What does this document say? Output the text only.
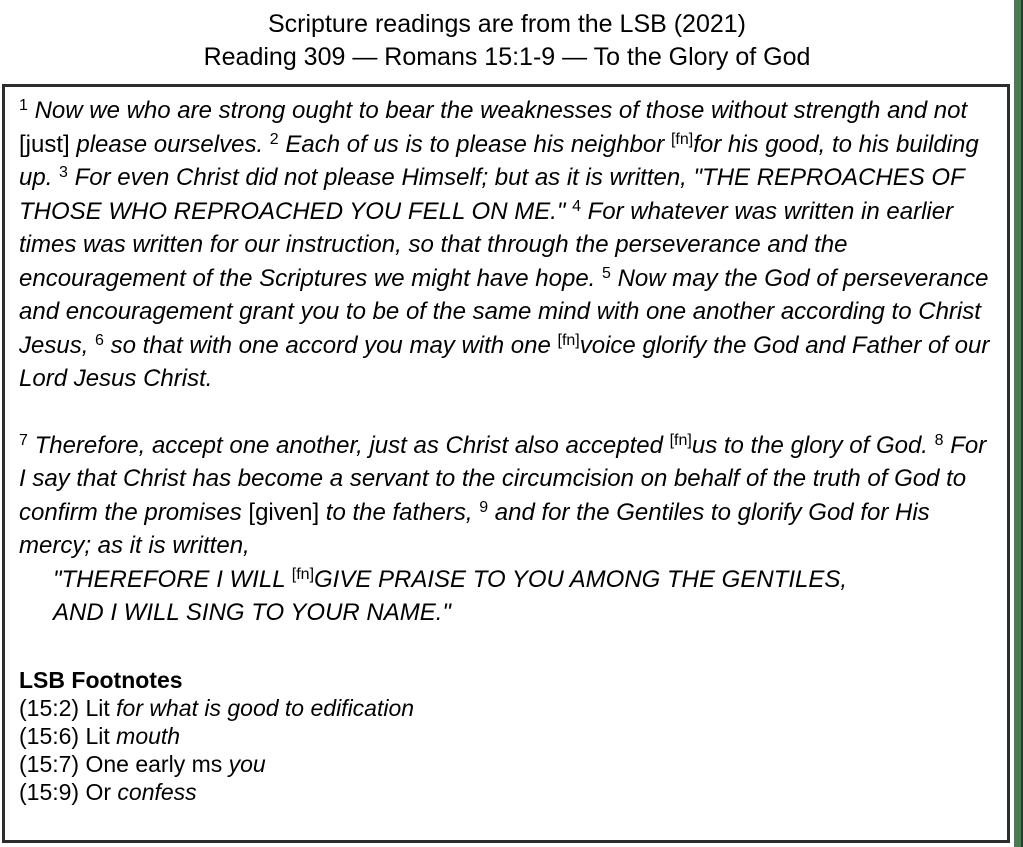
Scripture readings are from the LSB (2021)
Reading 309 — Romans 15:1-9 — To the Glory of God
$^1$ Now we who are strong ought to bear the weaknesses of those without strength and not [just] please ourselves. $^2$ Each of us is to please his neighbor [fn]for his good, to his building up. $^3$ For even Christ did not please Himself; but as it is written, "THE REPROACHES OF THOSE WHO REPROACHED YOU FELL ON ME." $^4$ For whatever was written in earlier times was written for our instruction, so that through the perseverance and the encouragement of the Scriptures we might have hope. $^5$ Now may the God of perseverance and encouragement grant you to be of the same mind with one another according to Christ Jesus, $^6$ so that with one accord you may with one [fn]voice glorify the God and Father of our Lord Jesus Christ.
$^7$ Therefore, accept one another, just as Christ also accepted [fn]us to the glory of God. $^8$ For I say that Christ has become a servant to the circumcision on behalf of the truth of God to confirm the promises [given] to the fathers, $^9$ and for the Gentiles to glorify God for His mercy; as it is written,
"THEREFORE I WILL [fn]GIVE PRAISE TO YOU AMONG THE GENTILES,
AND I WILL SING TO YOUR NAME."
LSB Footnotes
(15:2) Lit for what is good to edification
(15:6) Lit mouth
(15:7) One early ms you
(15:9) Or confess
